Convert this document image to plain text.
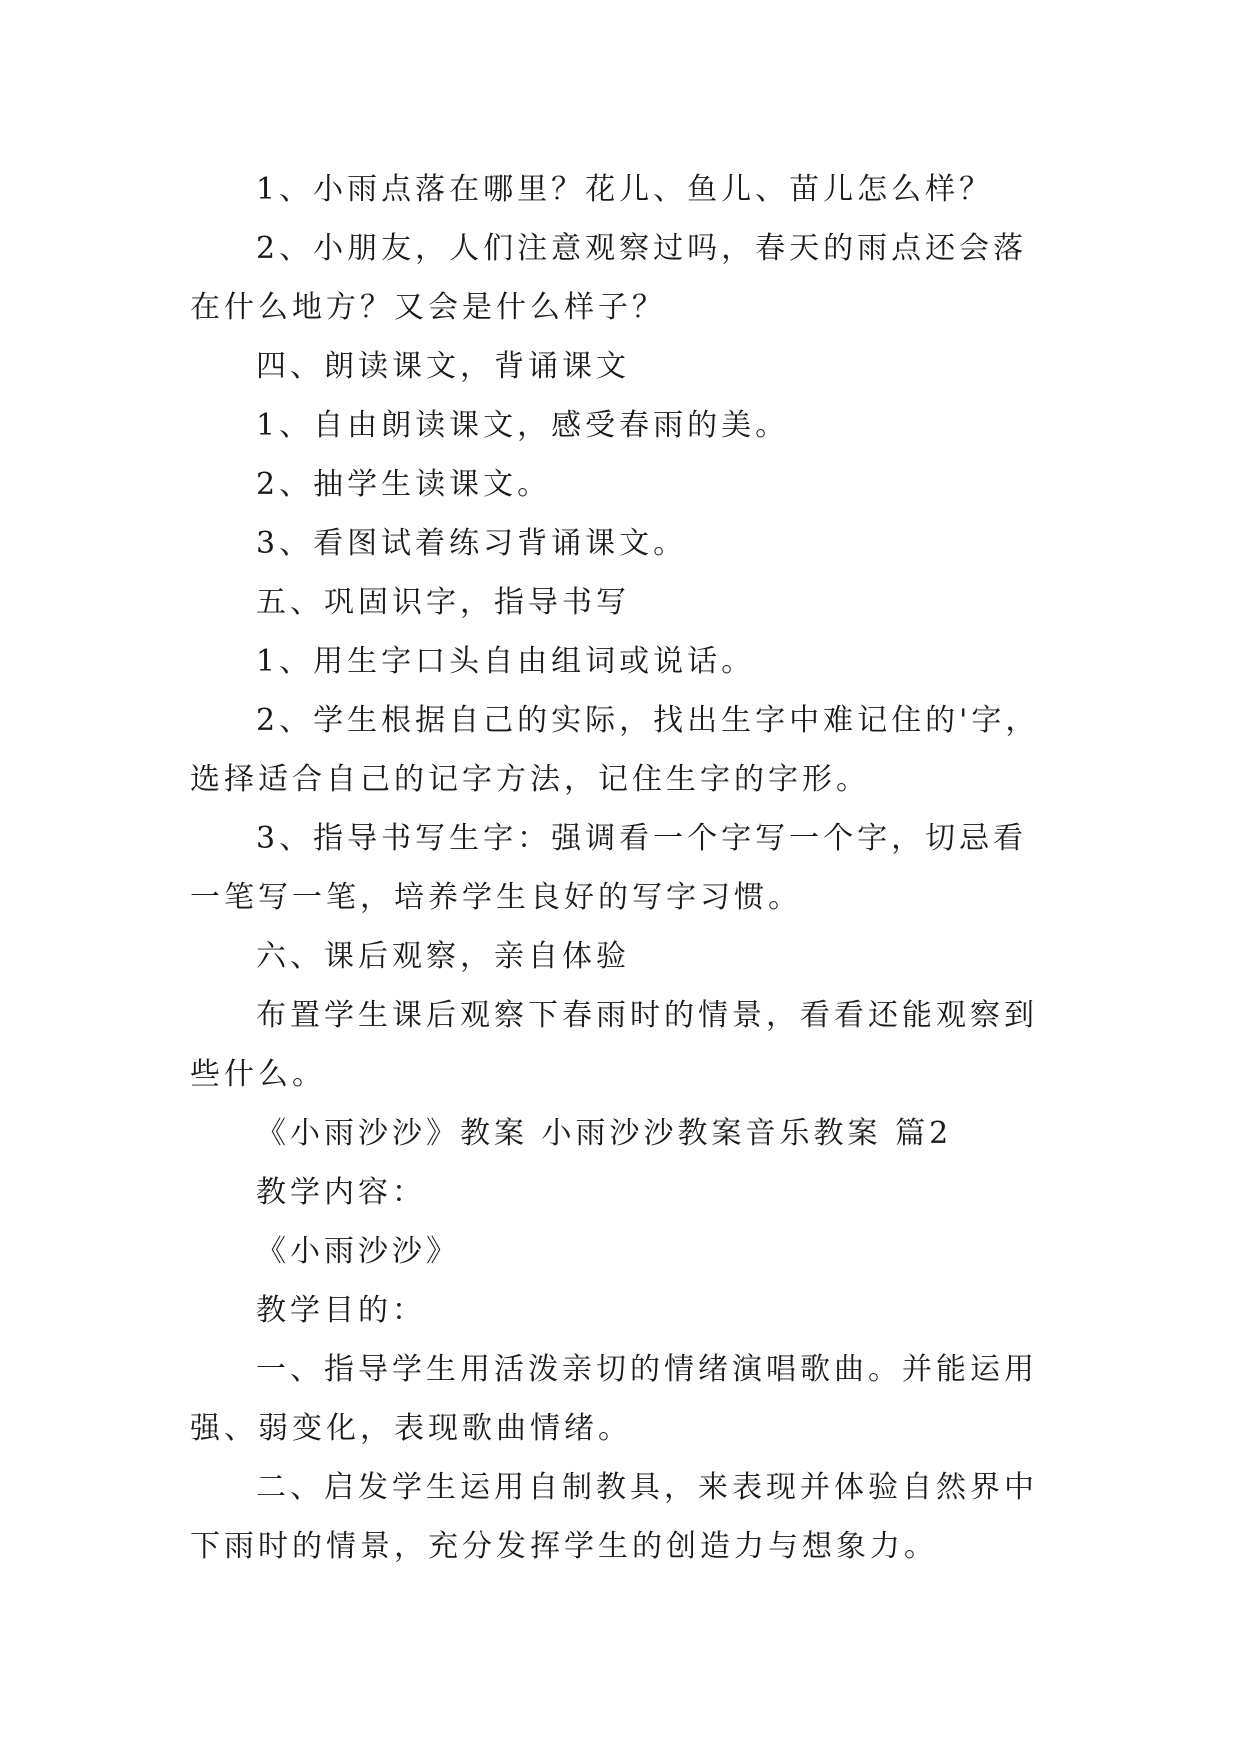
1、小雨点落在哪里？花儿、鱼儿、苗儿怎么样？

2、小朋友，人们注意观察过吗，春天的雨点还会落在什么地方？又会是什么样子？

四、朗读课文，背诵课文

1、自由朗读课文，感受春雨的美。

2、抽学生读课文。

3、看图试着练习背诵课文。

五、巩固识字，指导书写

1、用生字口头自由组词或说话。

2、学生根据自己的实际，找出生字中难记住的'字，选择适合自己的记字方法，记住生字的字形。

3、指导书写生字：强调看一个字写一个字，切忌看一笔写一笔，培养学生良好的写字习惯。

六、课后观察，亲自体验

布置学生课后观察下春雨时的情景，看看还能观察到些什么。

《小雨沙沙》教案 小雨沙沙教案音乐教案 篇2

教学内容：

《小雨沙沙》

教学目的：

一、指导学生用活泼亲切的情绪演唱歌曲。并能运用强、弱变化，表现歌曲情绪。

二、启发学生运用自制教具，来表现并体验自然界中下雨时的情景，充分发挥学生的创造力与想象力。
